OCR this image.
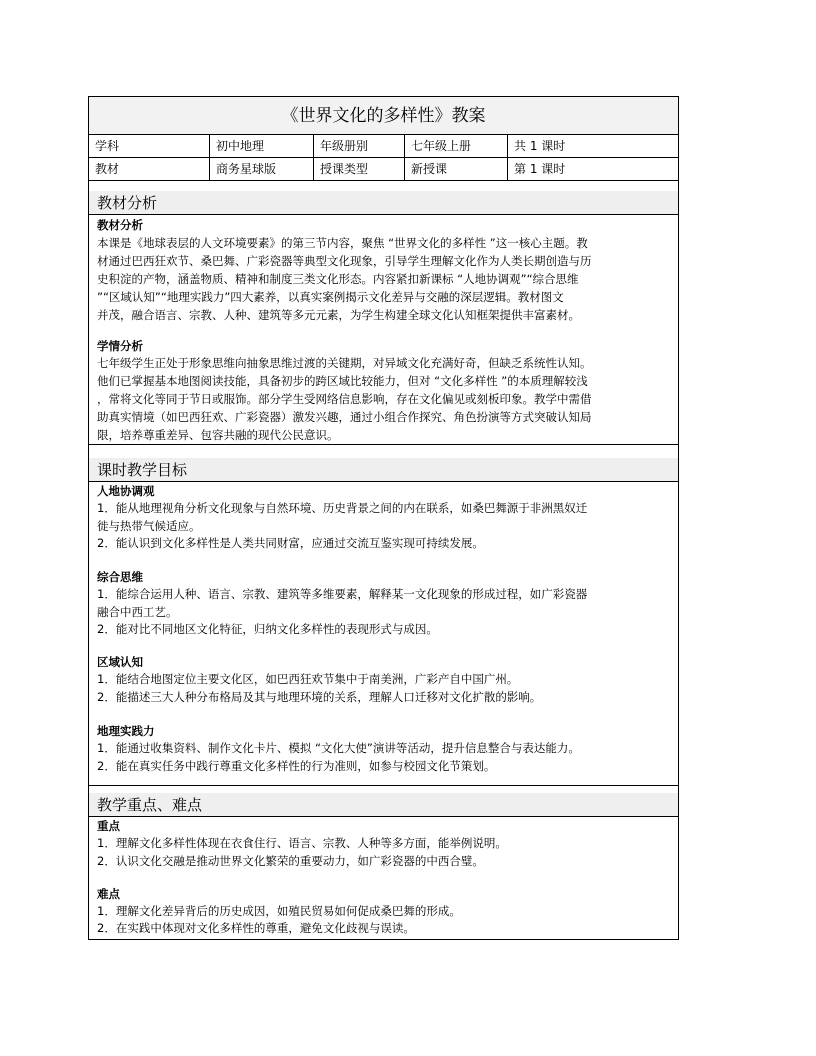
《世界文化的多样性》教案
学科	初中地理	年级册别	七年级上册	共 1 课时
教材	商务星球版	授课类型	新授课	第 1 课时
教材分析
教材分析
本课是《地球表层的人文环境要素》的第三节内容，聚焦 “世界文化的多样性 ”这一核心主题。教
材通过巴西狂欢节、桑巴舞、广彩瓷器等典型文化现象，引导学生理解文化作为人类长期创造与历
史积淀的产物，涵盖物质、精神和制度三类文化形态。内容紧扣新课标 “人地协调观”“综合思维
”“区域认知”“地理实践力”四大素养，以真实案例揭示文化差异与交融的深层逻辑。教材图文
并茂，融合语言、宗教、人种、建筑等多元元素，为学生构建全球文化认知框架提供丰富素材。
学情分析
七年级学生正处于形象思维向抽象思维过渡的关键期，对异域文化充满好奇，但缺乏系统性认知。
他们已掌握基本地图阅读技能，具备初步的跨区域比较能力，但对 “文化多样性 ”的本质理解较浅
，常将文化等同于节日或服饰。部分学生受网络信息影响，存在文化偏见或刻板印象。教学中需借
助真实情境（如巴西狂欢、广彩瓷器）激发兴趣，通过小组合作探究、角色扮演等方式突破认知局
限，培养尊重差异、包容共融的现代公民意识。
课时教学目标
人地协调观
1．能从地理视角分析文化现象与自然环境、历史背景之间的内在联系，如桑巴舞源于非洲黑奴迁
徙与热带气候适应。
2．能认识到文化多样性是人类共同财富，应通过交流互鉴实现可持续发展。
综合思维
1．能综合运用人种、语言、宗教、建筑等多维要素，解释某一文化现象的形成过程，如广彩瓷器
融合中西工艺。
2．能对比不同地区文化特征，归纳文化多样性的表现形式与成因。
区域认知
1．能结合地图定位主要文化区，如巴西狂欢节集中于南美洲，广彩产自中国广州。
2．能描述三大人种分布格局及其与地理环境的关系，理解人口迁移对文化扩散的影响。
地理实践力
1．能通过收集资料、制作文化卡片、模拟 “文化大使”演讲等活动，提升信息整合与表达能力。
2．能在真实任务中践行尊重文化多样性的行为准则，如参与校园文化节策划。
教学重点、难点
重点
1．理解文化多样性体现在衣食住行、语言、宗教、人种等多方面，能举例说明。
2．认识文化交融是推动世界文化繁荣的重要动力，如广彩瓷器的中西合璧。
难点
1．理解文化差异背后的历史成因，如殖民贸易如何促成桑巴舞的形成。
2．在实践中体现对文化多样性的尊重，避免文化歧视与误读。
